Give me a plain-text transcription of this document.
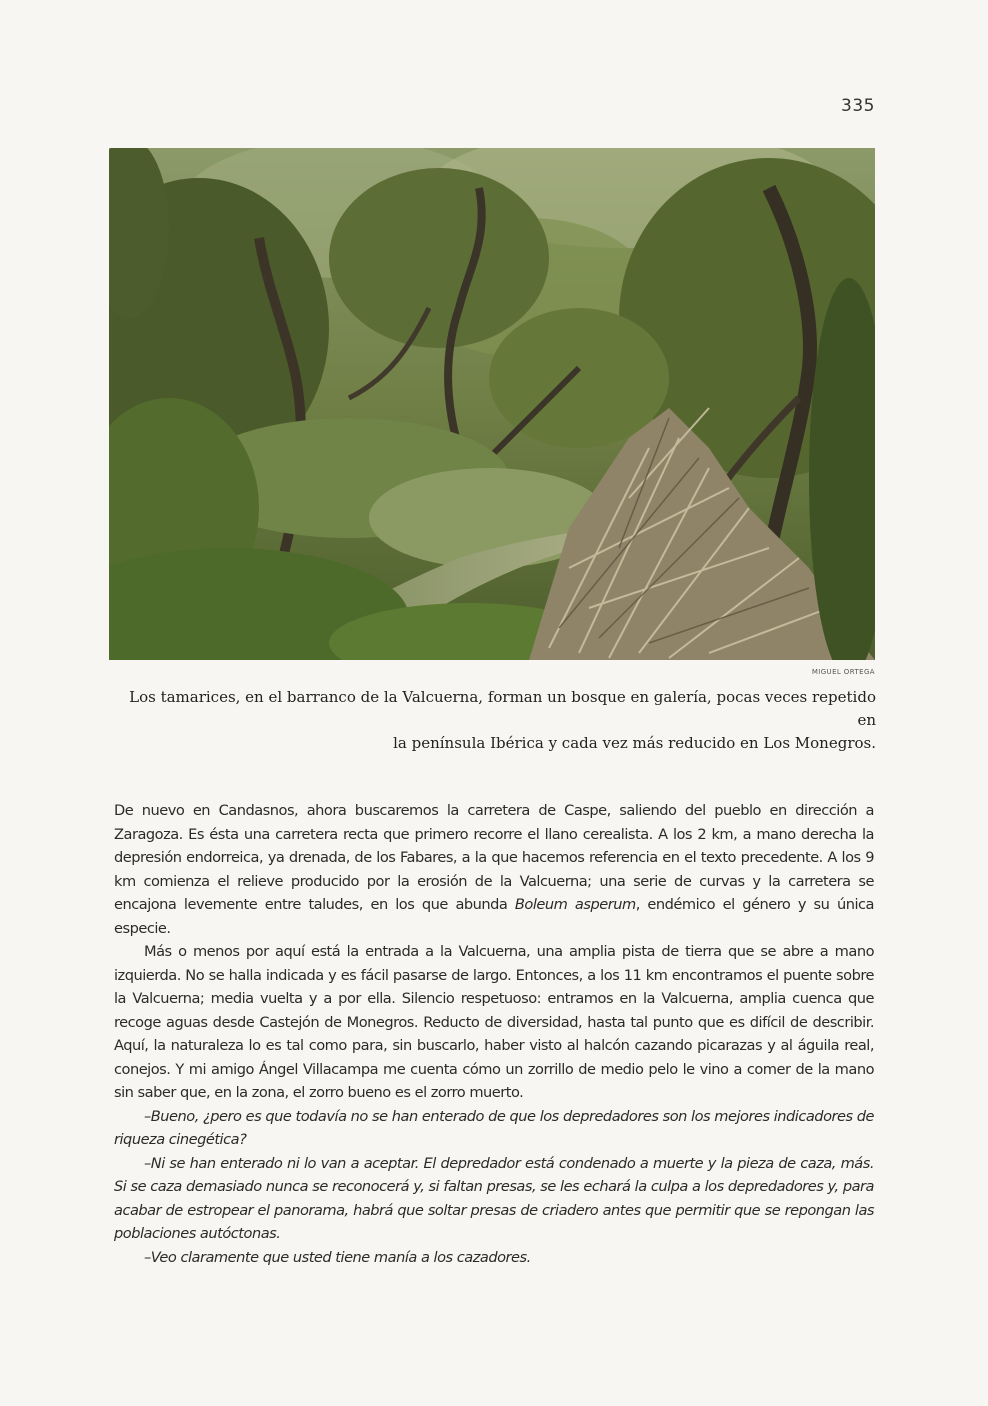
335
MIGUEL ORTEGA
Los tamarices, en el barranco de la Valcuerna, forman un bosque en galería, pocas veces repetido en
la península Ibérica y cada vez más reducido en Los Monegros.

De nuevo en Candasnos, ahora buscaremos la carretera de Caspe, saliendo del pueblo en dirección a Zaragoza. Es ésta una carretera recta que primero recorre el llano cerealista. A los 2 km, a mano derecha la depresión endorreica, ya drenada, de los Fabares, a la que hacemos referencia en el texto precedente. A los 9 km comienza el relieve producido por la erosión de la Valcuerna; una serie de curvas y la carretera se encajona levemente entre taludes, en los que abunda Boleum asperum, endémico el género y su única especie.

Más o menos por aquí está la entrada a la Valcuerna, una amplia pista de tierra que se abre a mano izquierda. No se halla indicada y es fácil pasarse de largo. Entonces, a los 11 km encontramos el puente sobre la Valcuerna; media vuelta y a por ella. Silencio respetuoso: entramos en la Valcuerna, amplia cuenca que recoge aguas desde Castejón de Monegros. Reducto de diversidad, hasta tal punto que es difícil de describir. Aquí, la naturaleza lo es tal como para, sin buscarlo, haber visto al halcón cazando picarazas y al águila real, conejos. Y mi amigo Ángel Villacampa me cuenta cómo un zorrillo de medio pelo le vino a comer de la mano sin saber que, en la zona, el zorro bueno es el zorro muerto.

–Bueno, ¿pero es que todavía no se han enterado de que los depredadores son los mejores indicadores de riqueza cinegética?

–Ni se han enterado ni lo van a aceptar. El depredador está condenado a muerte y la pieza de caza, más. Si se caza demasiado nunca se reconocerá y, si faltan presas, se les echará la culpa a los depredadores y, para acabar de estropear el panorama, habrá que soltar presas de criadero antes que permitir que se repongan las poblaciones autóctonas.

–Veo claramente que usted tiene manía a los cazadores.
